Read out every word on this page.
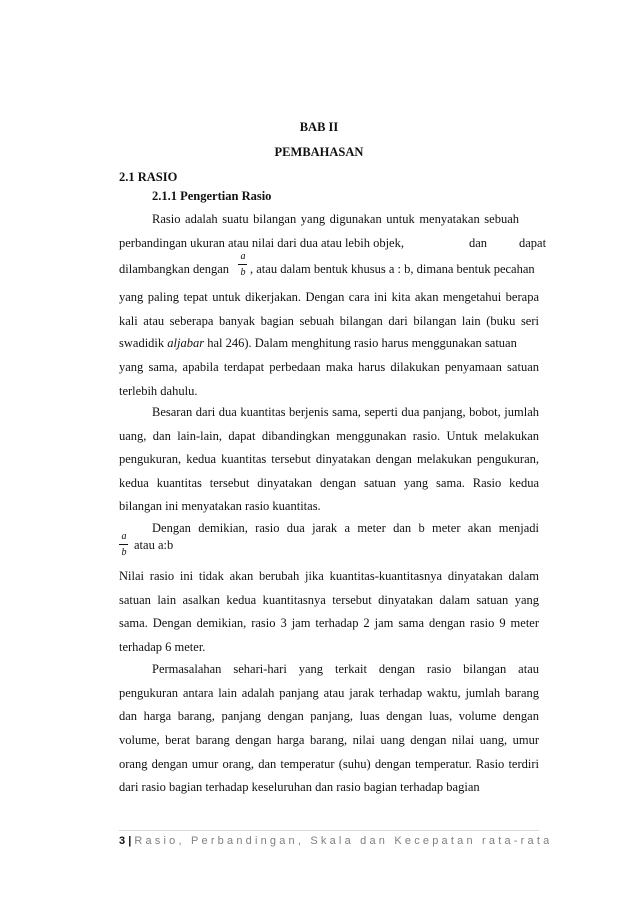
BAB II
PEMBAHASAN
2.1 RASIO
2.1.1 Pengertian Rasio
Rasio adalah suatu bilangan yang digunakan untuk menyatakan sebuah
perbandingan ukuran atau nilai dari dua atau lebih objek,	dan	dapat
dilambangkan dengan
a
b , atau dalam bentuk khusus a : b, dimana bentuk pecahan
yang paling tepat untuk dikerjakan. Dengan cara ini kita akan mengetahui berapa
kali atau seberapa banyak bagian sebuah bilangan dari bilangan lain (buku seri
swadidik aljabar hal 246). Dalam menghitung rasio harus menggunakan satuan
yang sama, apabila terdapat perbedaan maka harus dilakukan penyamaan satuan
terlebih dahulu.
Besaran dari dua kuantitas berjenis sama, seperti dua panjang, bobot, jumlah
uang, dan lain-lain, dapat dibandingkan menggunakan rasio. Untuk melakukan
pengukuran, kedua kuantitas tersebut dinyatakan dengan melakukan pengukuran,
kedua kuantitas tersebut dinyatakan dengan satuan yang sama. Rasio kedua
bilangan ini menyatakan rasio kuantitas.
Dengan demikian, rasio dua jarak a meter dan b meter akan menjadi
a
b
atau a:b
Nilai rasio ini tidak akan berubah jika kuantitas-kuantitasnya dinyatakan dalam
satuan lain asalkan kedua kuantitasnya tersebut dinyatakan dalam satuan yang
sama. Dengan demikian, rasio 3 jam terhadap 2 jam sama dengan rasio 9 meter
terhadap 6 meter.
Permasalahan sehari-hari yang terkait dengan rasio bilangan atau
pengukuran antara lain adalah panjang atau jarak terhadap waktu, jumlah barang
dan harga barang, panjang dengan panjang, luas dengan luas, volume dengan
volume, berat barang dengan harga barang, nilai uang dengan nilai uang, umur
orang dengan umur orang, dan temperatur (suhu) dengan temperatur. Rasio terdiri
dari rasio bagian terhadap keseluruhan dan rasio bagian terhadap bagian
3 | Rasio, Perbandingan, Skala dan Kecepatan rata-rata
